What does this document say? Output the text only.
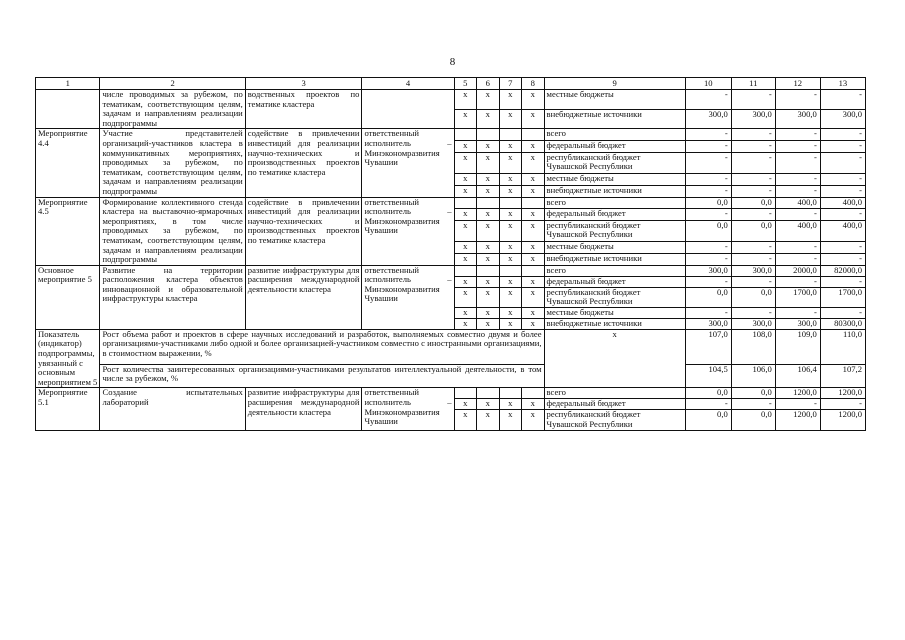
8
1	2	3	4	5	6	7	8	9	10	11	12	13
	числе проводимых за рубежом, по тематикам, соответствующим целям, задачам и направлениям реализации подпрограммы	водственных проектов по тематике кластера		х	х	х	х	местные бюджеты	-	-	-	-
				х	х	х	х	внебюджетные источники	300,0	300,0	300,0	300,0
Мероприятие 4.4	Участие представителей организаций-участников кластера в коммуникативных мероприятиях, проводимых за рубежом, по тематикам, соответствующим целям, задачам и направлениям реализации подпрограммы	содействие в привлечении инвестиций для реализации научно-технических и производственных проектов по тематике кластера	ответственный исполнитель – Минэкономразвития Чувашии					всего	-	-	-	-
				х	х	х	х	федеральный бюджет	-	-	-	-
				х	х	х	х	республиканский бюджет Чувашской Республики	-	-	-	-
				х	х	х	х	местные бюджеты	-	-	-	-
				х	х	х	х	внебюджетные источники	-	-	-	-
Мероприятие 4.5	Формирование коллективного стенда кластера на выставочно-ярмарочных мероприятиях, в том числе проводимых за рубежом, по тематикам, соответствующим целям, задачам и направлениям реализации подпрограммы	содействие в привлечении инвестиций для реализации научно-технических и производственных проектов по тематике кластера	ответственный исполнитель – Минэкономразвития Чувашии					всего	0,0	0,0	400,0	400,0
				х	х	х	х	федеральный бюджет	-	-	-	-
				х	х	х	х	республиканский бюджет Чувашской Республики	0,0	0,0	400,0	400,0
				х	х	х	х	местные бюджеты	-	-	-	-
				х	х	х	х	внебюджетные источники	-	-	-	-
Основное мероприятие 5	Развитие на территории расположения кластера объектов инновационной и образовательной инфраструктуры кластера	развитие инфраструктуры для расширения международной деятельности кластера	ответственный исполнитель – Минэкономразвития Чувашии					всего	300,0	300,0	2000,0	82000,0
				х	х	х	х	федеральный бюджет	-	-	-	-
				х	х	х	х	республиканский бюджет Чувашской Республики	0,0	0,0	1700,0	1700,0
				х	х	х	х	местные бюджеты	-	-	-	-
				х	х	х	х	внебюджетные источники	300,0	300,0	300,0	80300,0
Показатель (индикатор) подпрограммы, увязанный с основным мероприятием 5	Рост объема работ и проектов в сфере научных исследований и разработок, выполняемых совместно двумя и более организациями-участниками либо одной и более организацией-участником совместно с иностранными организациями, в стоимостном выражении, %							х	107,0	108,0	109,0	110,0
	Рост количества заинтересованных организациями-участниками результатов интеллектуальной деятельности, в том числе за рубежом, %								104,5	106,0	106,4	107,2
Мероприятие 5.1	Создание испытательных лабораторий	развитие инфраструктуры для расширения международной деятельности кластера	ответственный исполнитель – Минэкономразвития Чувашии					всего	0,0	0,0	1200,0	1200,0
				х	х	х	х	федеральный бюджет	-	-	-	-
				х	х	х	х	республиканский бюджет Чувашской Республики	0,0	0,0	1200,0	1200,0
